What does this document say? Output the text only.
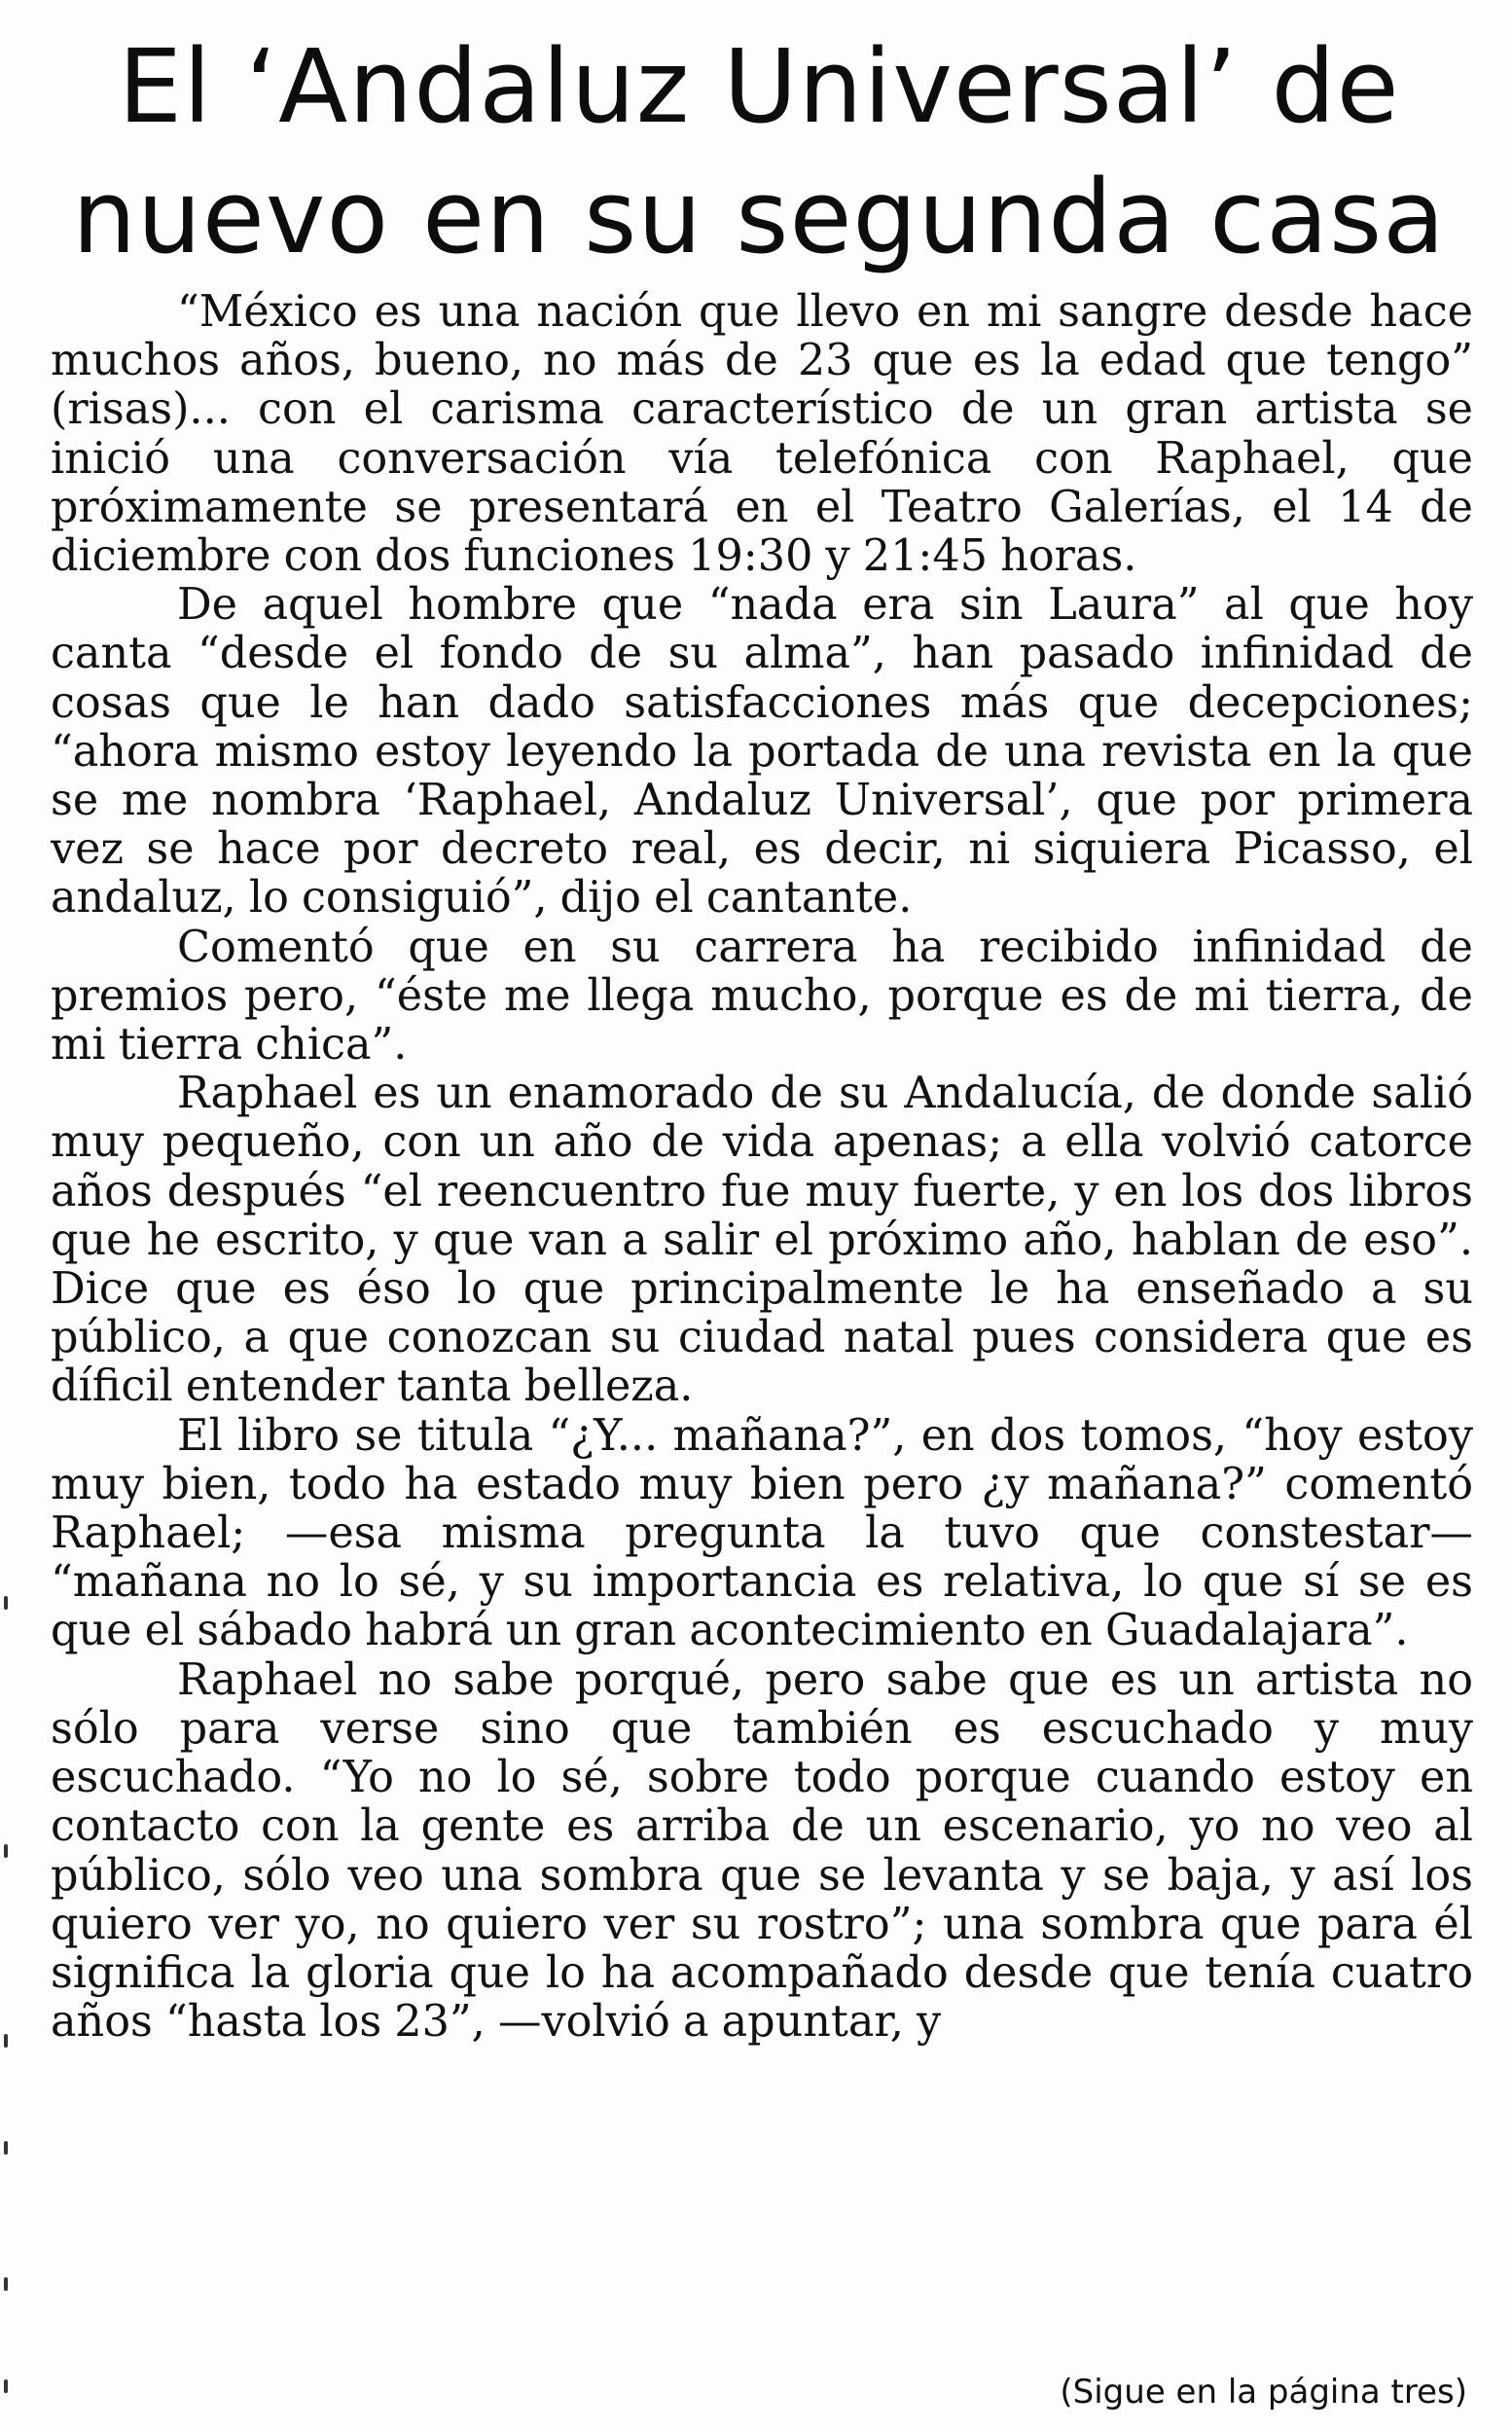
El ‘Andaluz Universal’ de
nuevo en su segunda casa

“México es una nación que llevo en mi sangre desde hace muchos años, bueno, no más de 23 que es la edad que tengo” (risas)... con el carisma característico de un gran artista se inició una conversación vía telefónica con Raphael, que próximamente se presentará en el Teatro Galerías, el 14 de diciembre con dos funciones 19:30 y 21:45 horas.

De aquel hombre que “nada era sin Laura” al que hoy canta “desde el fondo de su alma”, han pasado infinidad de cosas que le han dado satisfacciones más que decepciones; “ahora mismo estoy leyendo la portada de una revista en la que se me nombra ‘Raphael, Andaluz Universal’, que por primera vez se hace por decreto real, es decir, ni siquiera Picasso, el andaluz, lo consiguió”, dijo el cantante.

Comentó que en su carrera ha recibido infinidad de premios pero, “éste me llega mucho, porque es de mi tierra, de mi tierra chica”.

Raphael es un enamorado de su Andalucía, de donde salió muy pequeño, con un año de vida apenas; a ella volvió catorce años después “el reencuentro fue muy fuerte, y en los dos libros que he escrito, y que van a salir el próximo año, hablan de eso”. Dice que es éso lo que principalmente le ha enseñado a su público, a que conozcan su ciudad natal pues considera que es díficil entender tanta belleza.

El libro se titula “¿Y... mañana?”, en dos tomos, “hoy estoy muy bien, todo ha estado muy bien pero ¿y mañana?” comentó Raphael; —esa misma pregunta la tuvo que constestar— “mañana no lo sé, y su importancia es relativa, lo que sí se es que el sábado habrá un gran acontecimiento en Guadalajara”.

Raphael no sabe porqué, pero sabe que es un artista no sólo para verse sino que también es escuchado y muy escuchado. “Yo no lo sé, sobre todo porque cuando estoy en contacto con la gente es arriba de un escenario, yo no veo al público, sólo veo una sombra que se levanta y se baja, y así los quiero ver yo, no quiero ver su rostro”; una sombra que para él significa la gloria que lo ha acompañado desde que tenía cuatro años “hasta los 23”, —volvió a apuntar, y

(Sigue en la página tres)
